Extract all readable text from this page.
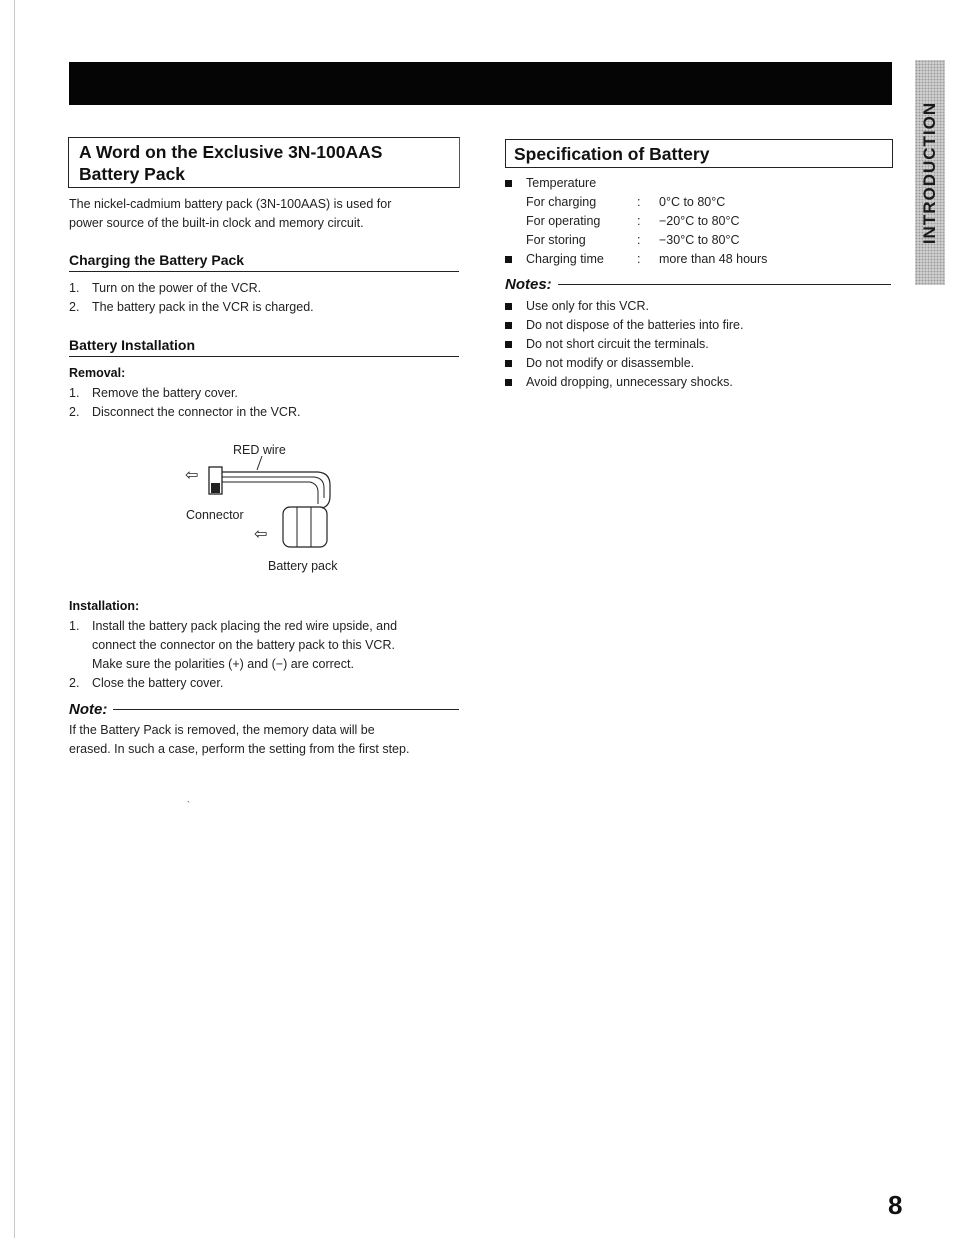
INTRODUCTION
A Word on the Exclusive 3N-100AAS
Battery Pack

The nickel-cadmium battery pack (3N-100AAS) is used for
power source of the built-in clock and memory circuit.

Charging the Battery Pack
1. Turn on the power of the VCR.
2. The battery pack in the VCR is charged.
Battery Installation
Removal:
1. Remove the battery cover.
2. Disconnect the connector in the VCR.
RED wire
⇦
Connector
⇦
Battery pack
Installation:
1. Install the battery pack placing the red wire upside, and
connect the connector on the battery pack to this VCR.
Make sure the polarities (+) and (−) are correct.
2. Close the battery cover.
Note:

If the Battery Pack is removed, the memory data will be
erased. In such a case, perform the setting from the first step.

`
Specification of Battery
Temperature
For charging	: 0°C to 80°C
For operating	: −20°C to 80°C
For storing	: −30°C to 80°C
Charging time	: more than 48 hours
Notes:
Use only for this VCR.
Do not dispose of the batteries into fire.
Do not short circuit the terminals.
Do not modify or disassemble.
Avoid dropping, unnecessary shocks.
8
